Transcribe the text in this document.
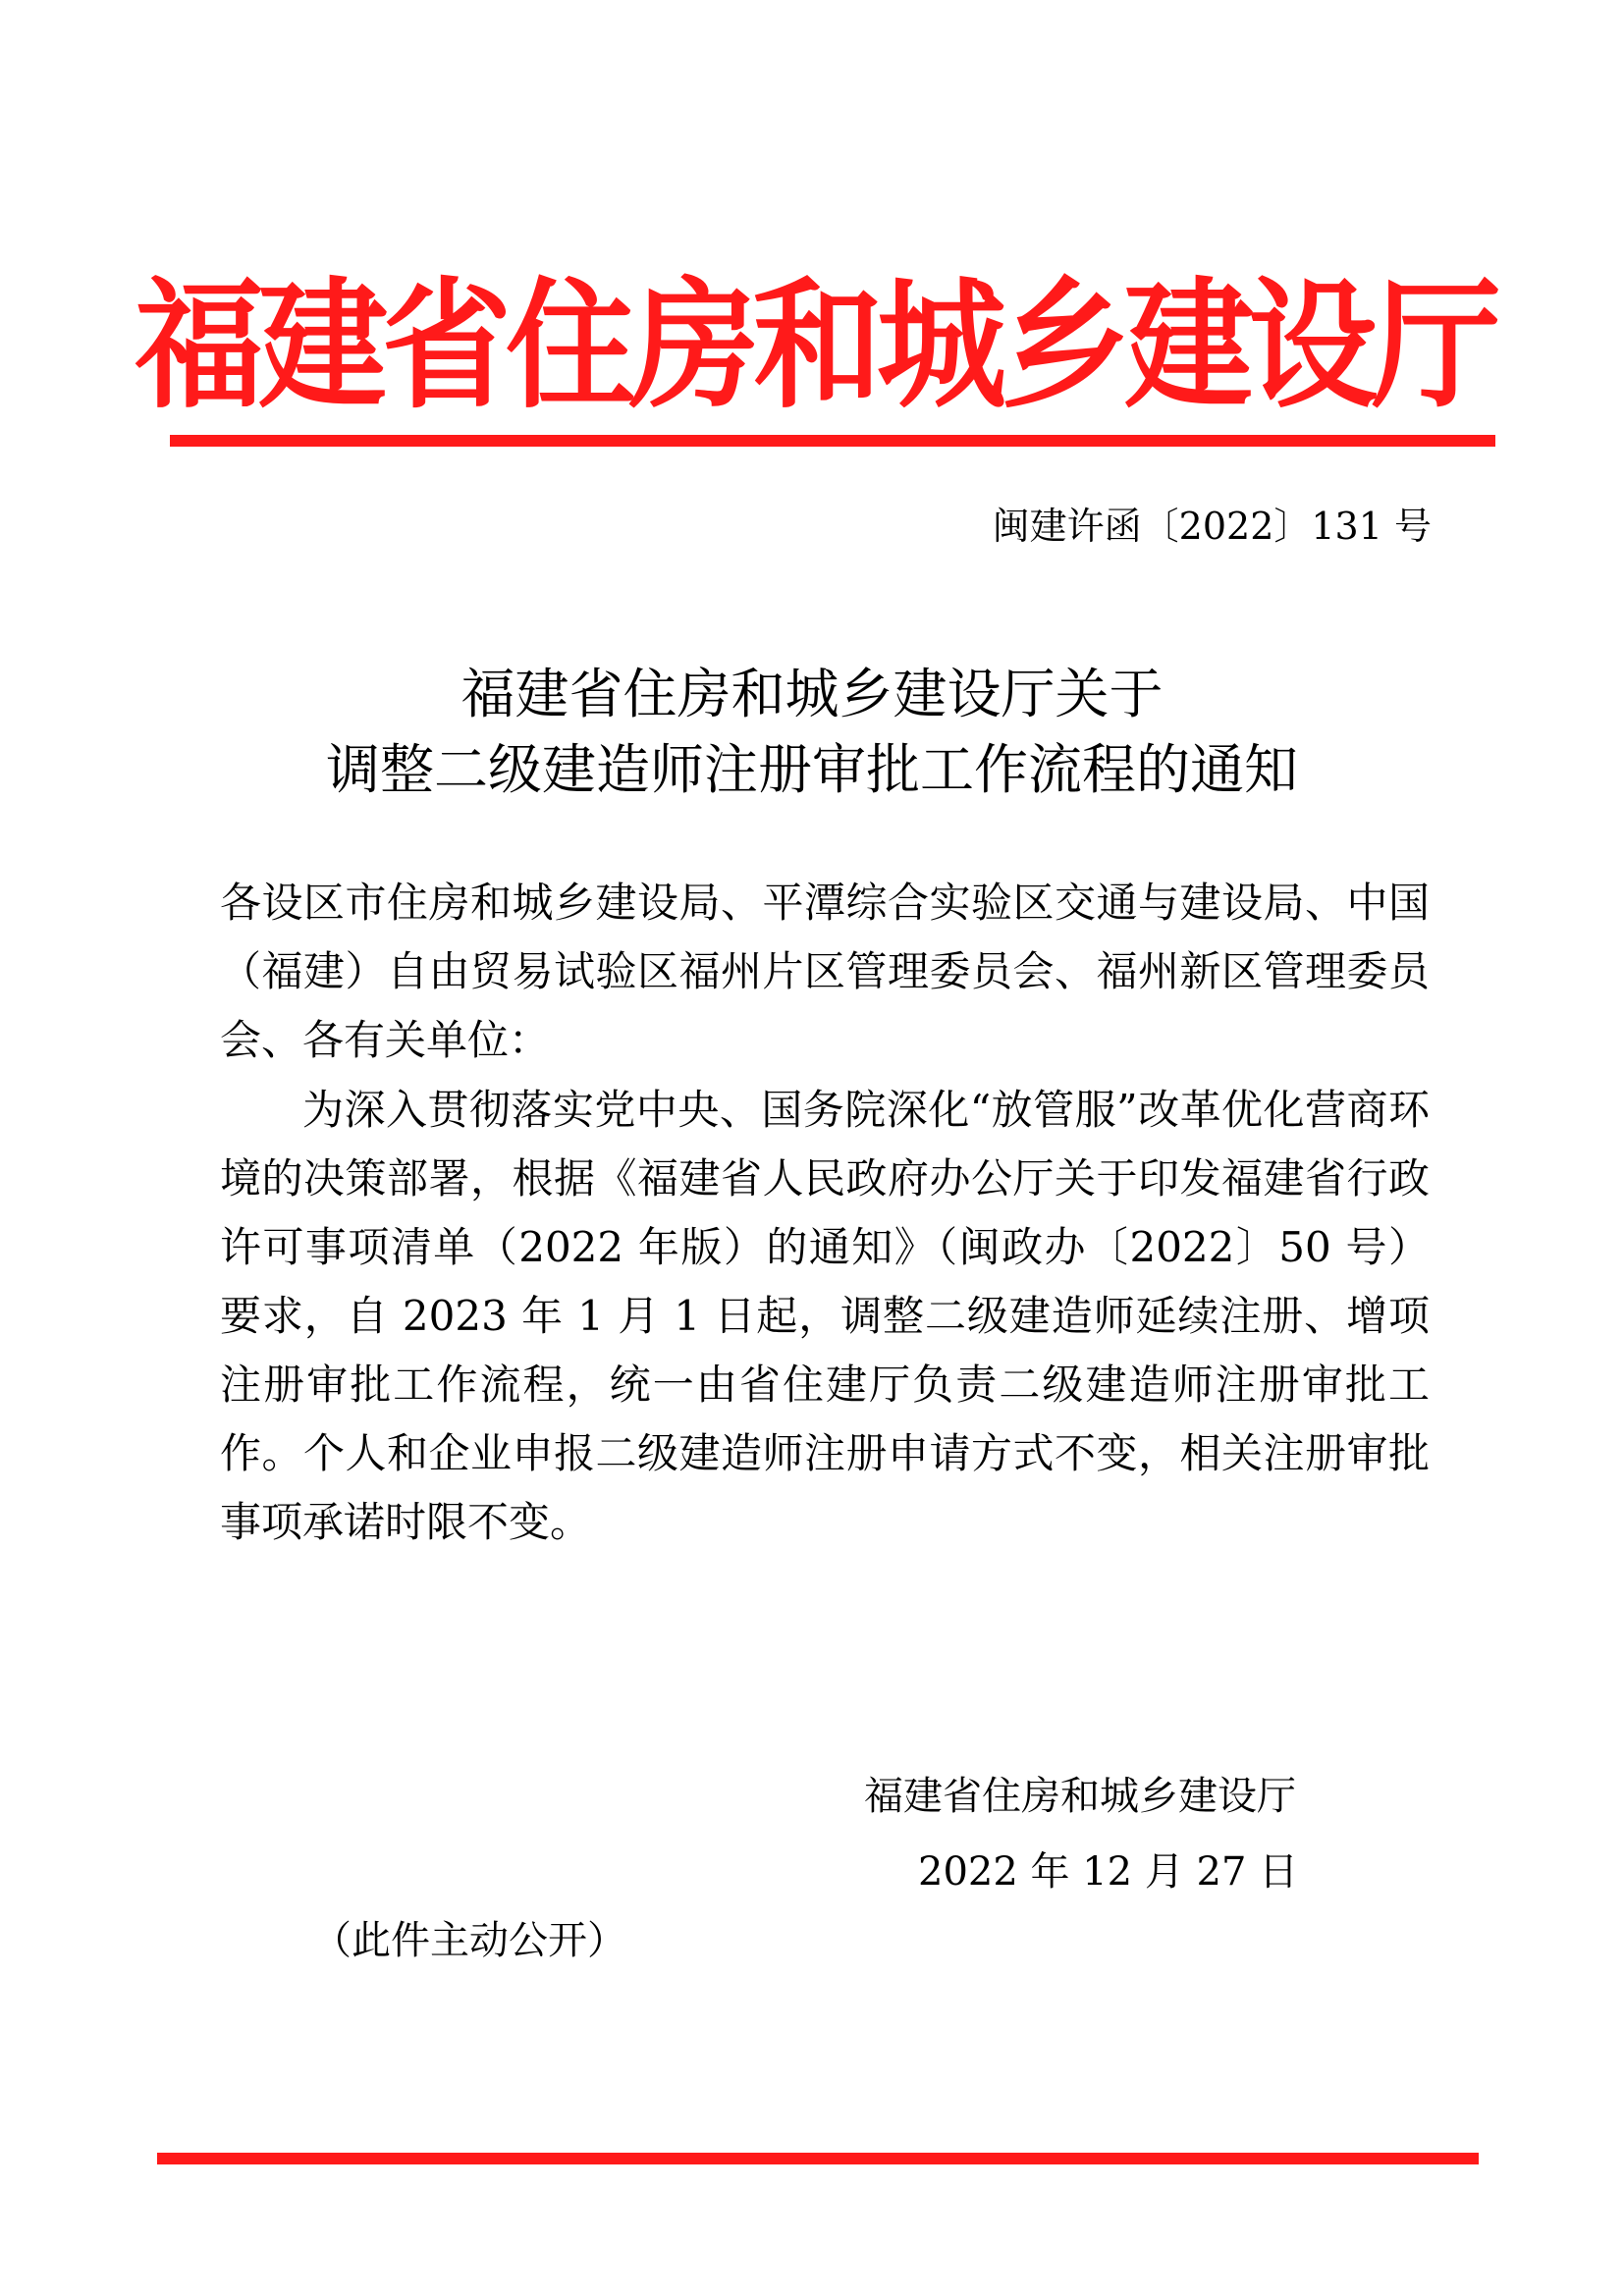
福建省住房和城乡建设厅
闽建许函〔2022〕131 号
福建省住房和城乡建设厅关于
调整二级建造师注册审批工作流程的通知
各设区市住房和城乡建设局、平潭综合实验区交通与建设局、中国（福建）自由贸易试验区福州片区管理委员会、福州新区管理委员会、各有关单位：
为深入贯彻落实党中央、国务院深化“放管服”改革优化营商环境的决策部署，根据《福建省人民政府办公厅关于印发福建省行政许可事项清单（2022 年版）的通知》（闽政办〔2022〕50 号）要求，自 2023 年 1 月 1 日起，调整二级建造师延续注册、增项注册审批工作流程，统一由省住建厅负责二级建造师注册审批工作。个人和企业申报二级建造师注册申请方式不变，相关注册审批事项承诺时限不变。
福建省住房和城乡建设厅
2022 年 12 月 27 日
（此件主动公开）
